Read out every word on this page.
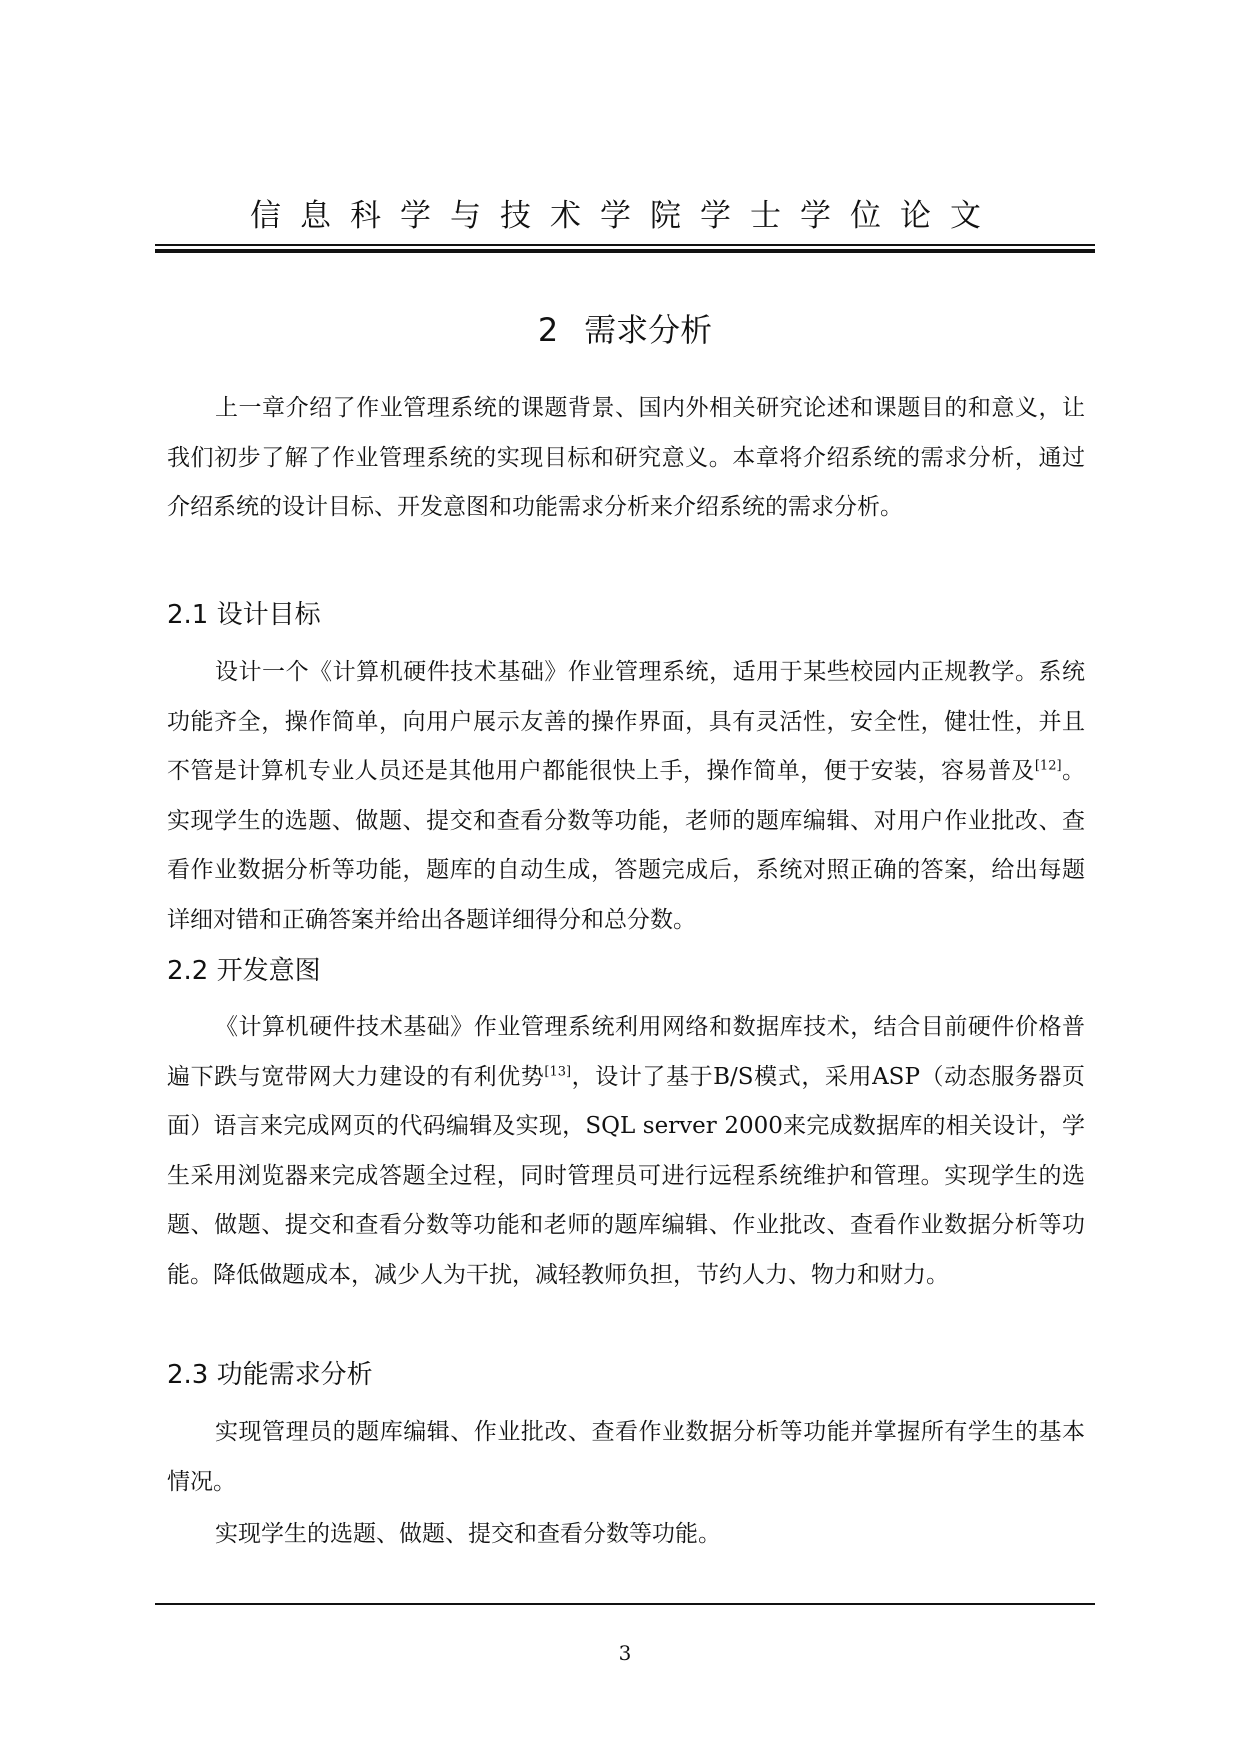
信息科学与技术学院学士学位论文
2 需求分析

上一章介绍了作业管理系统的课题背景、国内外相关研究论述和课题目的和意义，让我们初步了解了作业管理系统的实现目标和研究意义。本章将介绍系统的需求分析，通过介绍系统的设计目标、开发意图和功能需求分析来介绍系统的需求分析。

2.1 设计目标

设计一个《计算机硬件技术基础》作业管理系统，适用于某些校园内正规教学。系统功能齐全，操作简单，向用户展示友善的操作界面，具有灵活性，安全性，健壮性，并且不管是计算机专业人员还是其他用户都能很快上手，操作简单，便于安装，容易普及[12]。实现学生的选题、做题、提交和查看分数等功能，老师的题库编辑、对用户作业批改、查看作业数据分析等功能，题库的自动生成，答题完成后，系统对照正确的答案，给出每题详细对错和正确答案并给出各题详细得分和总分数。

2.2 开发意图

《计算机硬件技术基础》作业管理系统利用网络和数据库技术，结合目前硬件价格普遍下跌与宽带网大力建设的有利优势[13]，设计了基于B/S模式，采用ASP（动态服务器页面）语言来完成网页的代码编辑及实现，SQL server 2000来完成数据库的相关设计，学生采用浏览器来完成答题全过程，同时管理员可进行远程系统维护和管理。实现学生的选题、做题、提交和查看分数等功能和老师的题库编辑、作业批改、查看作业数据分析等功能。降低做题成本，减少人为干扰，减轻教师负担，节约人力、物力和财力。

2.3 功能需求分析

实现管理员的题库编辑、作业批改、查看作业数据分析等功能并掌握所有学生的基本情况。

实现学生的选题、做题、提交和查看分数等功能。

3
